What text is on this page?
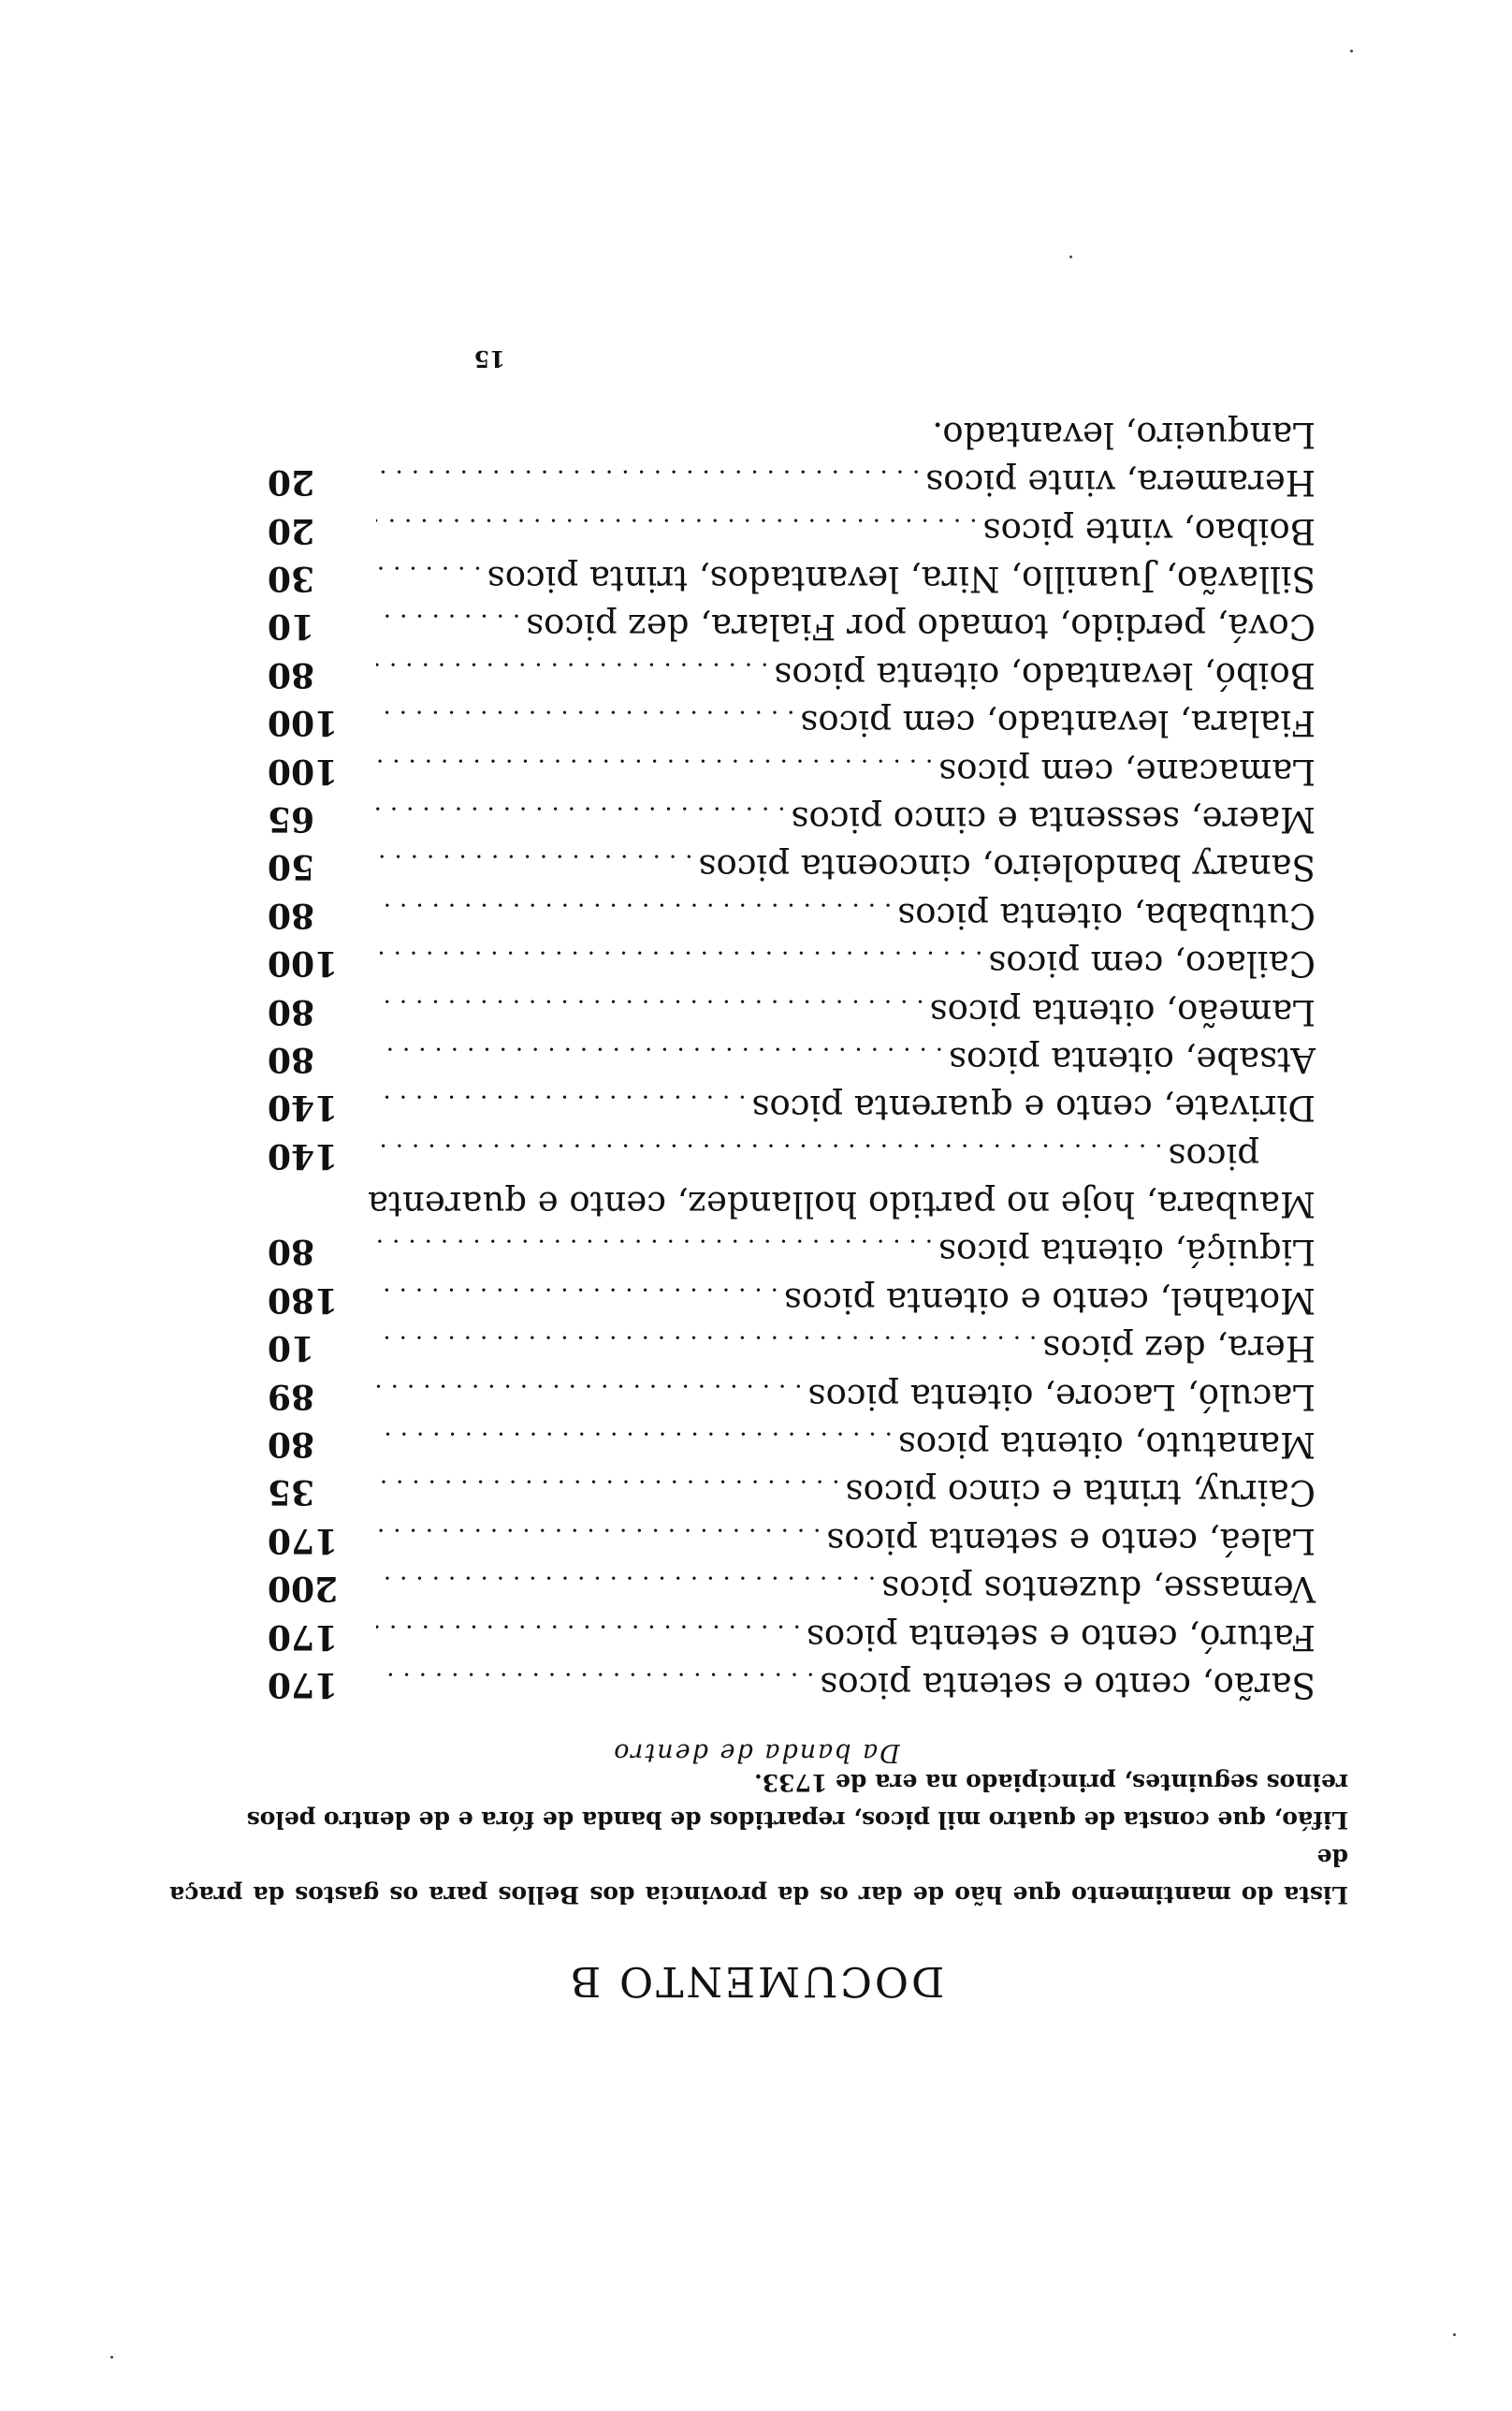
DOCUMENTO B
Lista do mantimento que hão de dar os da provincia dos Bellos para os gastos da praça de
Lifáo, que consta de quatro mil picos, repartidos de banda de fóra e de dentro pelos
reinos seguintes, principiado na era de 1733.
Da banda de dentro
Sarão, cento e setenta picos
.....
170
Faturó, cento e setenta picos
.....
170
Vemasse, duzentos picos
.....
200
Laleá, cento e setenta picos
.....
170
Cairuy, trinta e cinco picos
.....
35
Manatuto, oitenta picos
.....
80
Laculó, Lacore, oitenta picos
.....
89
Hera, dez picos
.....
10
Motahel, cento e oitenta picos
.....
180
Liquiçá, oitenta picos
.....
80
Maubara, hoje no partido hollandez, cento e quarenta
picos
.....
140
Dirivate, cento e quarenta picos
.....
140
Atsabe, oitenta picos
.....
80
Lameão, oitenta picos
.....
80
Cailaco, cem picos
.....
100
Cutubaba, oitenta picos
.....
80
Sanary bandoleiro, cincoenta picos
.....
50
Maere, sessenta e cinco picos
.....
65
Lamacane, cem picos
.....
100
Fialara, levantado, cem picos
.....
100
Boibó, levantado, oitenta picos
.....
80
Cová, perdido, tomado por Fialara, dez picos
.....
10
Sillavão, Juanillo, Nira, levantados, trinta picos
.....
30
Boibao, vinte picos
.....
20
Heramera, vinte picos
.....
20
Lanqueiro, levantado.
15
